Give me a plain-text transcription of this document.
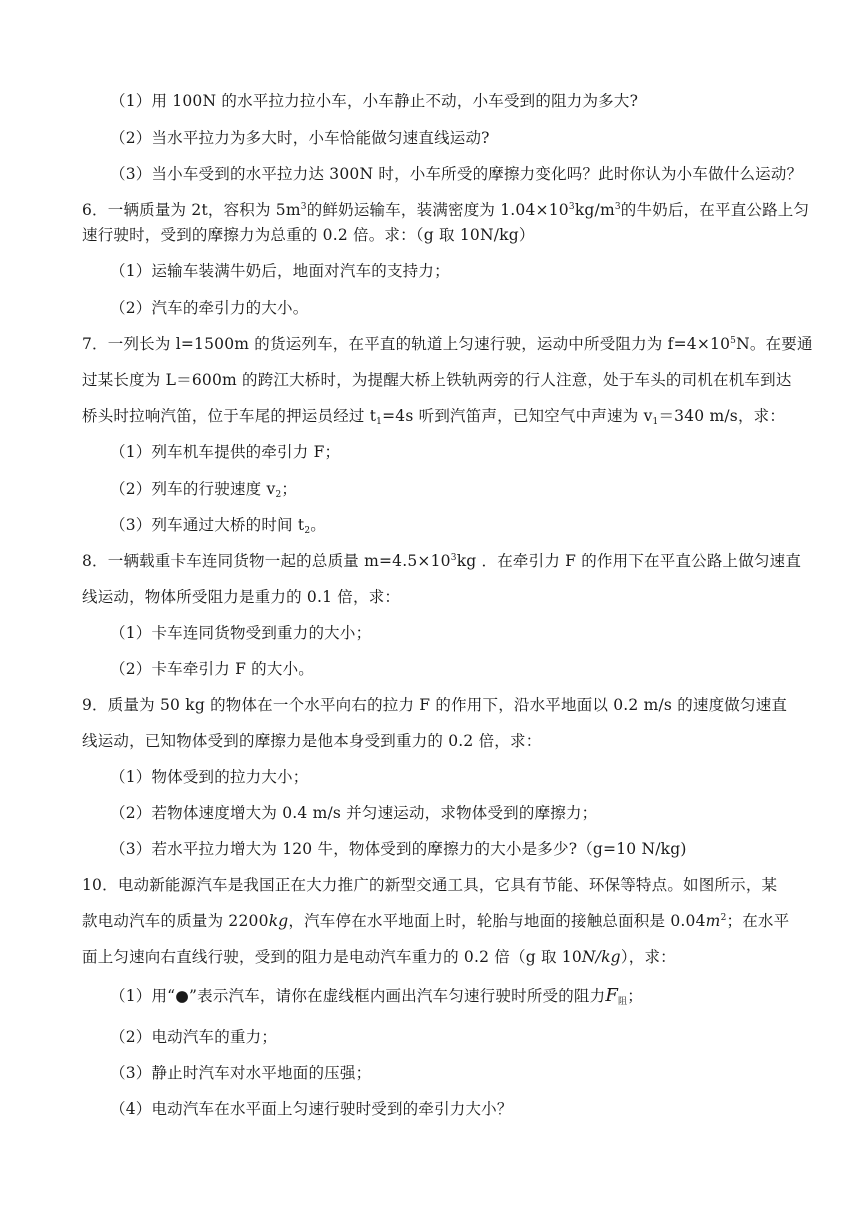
（1）用 100N 的水平拉力拉小车，小车静止不动，小车受到的阻力为多大?
（2）当水平拉力为多大时，小车恰能做匀速直线运动?
（3）当小车受到的水平拉力达 300N 时，小车所受的摩擦力变化吗？此时你认为小车做什么运动？
6．一辆质量为 2t，容积为 $5m^3$的鲜奶运输车，装满密度为 $1.04\times 10^3kg/m^3$的牛奶后，在平直公路上匀
速行驶时，受到的摩擦力为总重的 0.2 倍。求：（g 取 10N/kg）
（1）运输车装满牛奶后，地面对汽车的支持力；
（2）汽车的牵引力的大小。
7．一列长为 l=1500m 的货运列车，在平直的轨道上匀速行驶，运动中所受阻力为 $f=4\times 10^5N$。在要通
过某长度为 L＝600m 的跨江大桥时，为提醒大桥上铁轨两旁的行人注意，处于车头的司机在机车到达
桥头时拉响汽笛，位于车尾的押运员经过 $t_1=4s$ 听到汽笛声，已知空气中声速为 $v_1=340$ m/s，求：
（1）列车机车提供的牵引力 F；
（2）列车的行驶速度 $v_2$；
（3）列车通过大桥的时间 $t_2$。
8．一辆载重卡车连同货物一起的总质量 $m=4.5\times 10^3kg$ ．在牵引力 F 的作用下在平直公路上做匀速直
线运动，物体所受阻力是重力的 0.1 倍，求：
（1）卡车连同货物受到重力的大小；
（2）卡车牵引力 F 的大小。
9．质量为 50 kg 的物体在一个水平向右的拉力 F 的作用下，沿水平地面以 0.2 m/s 的速度做匀速直
线运动，已知物体受到的摩擦力是他本身受到重力的 0.2 倍，求：
（1）物体受到的拉力大小；
（2）若物体速度增大为 0.4 m/s 并匀速运动，求物体受到的摩擦力；
（3）若水平拉力增大为 120 牛，物体受到的摩擦力的大小是多少?（g=10 N/kg)
10．电动新能源汽车是我国正在大力推广的新型交通工具，它具有节能、环保等特点。如图所示，某
款电动汽车的质量为 2200kg，汽车停在水平地面上时，轮胎与地面的接触总面积是 $0.04m^2$；在水平
面上匀速向右直线行驶，受到的阻力是电动汽车重力的 0.2 倍（g 取 10N/kg），求：
（1）用“●”表示汽车，请你在虚线框内画出汽车匀速行驶时所受的阻力$F_阻$；
（2）电动汽车的重力；
（3）静止时汽车对水平地面的压强；
（4）电动汽车在水平面上匀速行驶时受到的牵引力大小？
